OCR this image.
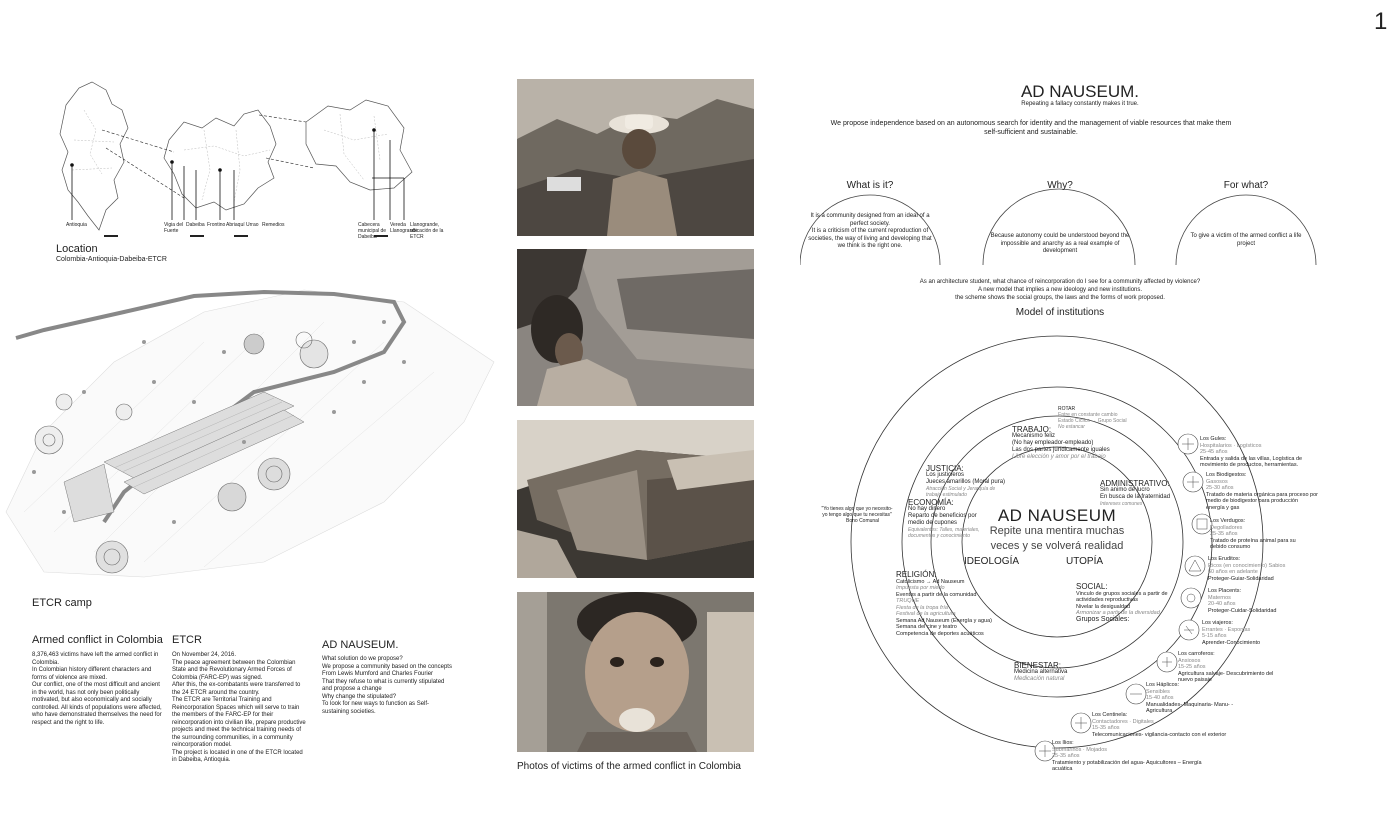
1
Antioquia	Vigia del Fuerte
Dabeiba Frontino Abriaquí Urrao Remedios	Cabecera municipal de Dabeiba
Vereda Llanogrande
Llanogrande, ubicación de la ETCR
Location
Colombia-Antioquia-Dabeiba-ETCR
ETCR camp
Armed conflict in Colombia
8,376,463 victims have left the armed conflict in Colombia.
In Colombian history different characters and forms of violence are mixed.
Our conflict, one of the most difficult and ancient in the world, has not only been politically motivated, but also economically and socially controlled. All kinds of populations were affected, who have demonstrated themselves the need for respect and the right to life.
ETCR
On November 24, 2016.
The peace agreement between the Colombian State and the Revolutionary Armed Forces of Colombia (FARC-EP) was signed.
After this, the ex-combatants were transferred to the 24 ETCR around the country.
The ETCR are Territorial Training and Reincorporation Spaces which will serve to train the members of the FARC-EP for their reincorporation into civilian life, prepare productive projects and meet the technical training needs of the surrounding communities, in a community reincorporation model.
The project is located in one of the ETCR located in Dabeiba, Antioquia.
AD NAUSEUM.
What solution do we propose?
We propose a community based on the concepts From Lewis Mumford and Charles Fourier
That they refuse to what is currently stipulated and propose a change
Why change the stipulated?
To look for new ways to function as Self-sustaining societies.
Photos of victims of the armed conflict in Colombia
AD NAUSEUM.
Repeating a fallacy constantly makes it true.
We propose independence based on an autonomous search for identity and the management of viable resources that make them self-sufficient and sustainable.
What is it?
It is a community designed from an ideal of a perfect society.
It is a criticism of the current reproduction of societies, the way of living and developing that we think is the right one.
Why?
Because autonomy could be understood beyond the impossible and anarchy as a real example of development
For what?
To give a victim of the armed conflict a life project
As an architecture student, what chance of reincorporation do I see for a community affected by violence?
A new model that implies a new ideology and new institutions.
the scheme shows the social groups, the laws and the forms of work proposed.
Model of institutions
AD NAUSEUM
Repite una mentira muchas
veces y se volverá realidad
IDEOLOGÍA	UTOPÍA
ROTAR
Entre en constante cambio
Estado Cíclico → Grupo Social
No estancar
TRABAJO:
Mecanismo feliz
(No hay empleador-empleado)
Las dos partes jurídicamente iguales
Libre elección y amor por el trabajo
JUSTICIA:
Los justicieros
Jueces amarillos (Moral pura)
Atracción Social y Jerarquía de trabajo estimulado
ECONOMÍA:
No hay dinero
Reparto de beneficios por medio de cupones
Equivalentes: Talles, materiales, documentos y conocimiento
"Yo tienes algo que yo necesito-yo tengo algo que tu necesitas"
Bono Comunal
ADMINISTRATIVO:
Sin animo de lucro
En busca de la fraternidad
Intereses comunes
RELIGIÓN:
Catolicismo → Ad Nauseum
Impuesta por miedo
Eventos a partir de la comunidad
TRUQUE
Fiesta de la tropa fría
Festival de la agricultura
Semana Ad Nauseum (Energía y agua)
Semana del cine y teatro
Competencia de deportes acuáticos
SOCIAL:
Vinculo de grupos sociales a partir de actividades reproductivas
Nivelar la desigualdad
Armonizar a partir de la diversidad
Grupos Sociales:
BIENESTAR:
Medicina alternativa
Medicación natural
Los Gules:
Hospitalarios · Logísticos
25-45 años
Entrada y salida de las villas, Logística de movimiento de productos, herramientas.
Los Biodigestos:
Gasosos
25-30 años
Tratado de materia orgánica para proceso por medio de biodigestor para producción energía y gas
Los Verdugos:
Degolladores
25-35 años
Tratado de proteína animal para su debido consumo
Los Eruditos:
Ricos (en conocimiento) Sabios
60 años en adelante
Proteger-Guiar-Solidaridad
Los Placents:
Maternos
20-40 años
Proteger-Cuidar-Solidaridad
Los viajeros:
Errantes · Esponjas
5-15 años
Aprender-Conocimiento
Los carroferos:
Ansiosos
15-25 años
Agricultura salvaje- Descubrimiento del nuevo paisaje
Los Háplicos:
Sensibles
15-40 años
Manualidades- Maquinaria- Manu- -Agricultura
Los Centinela:
Contactadores · Digitales
15-35 años
Telecomunicaciones- vigilancia-contacto con el exterior
Los Ilios:
Submarinos · Mojados
25-35 años
Tratamiento y potabilización del agua- Aquicultores – Energía acuática
